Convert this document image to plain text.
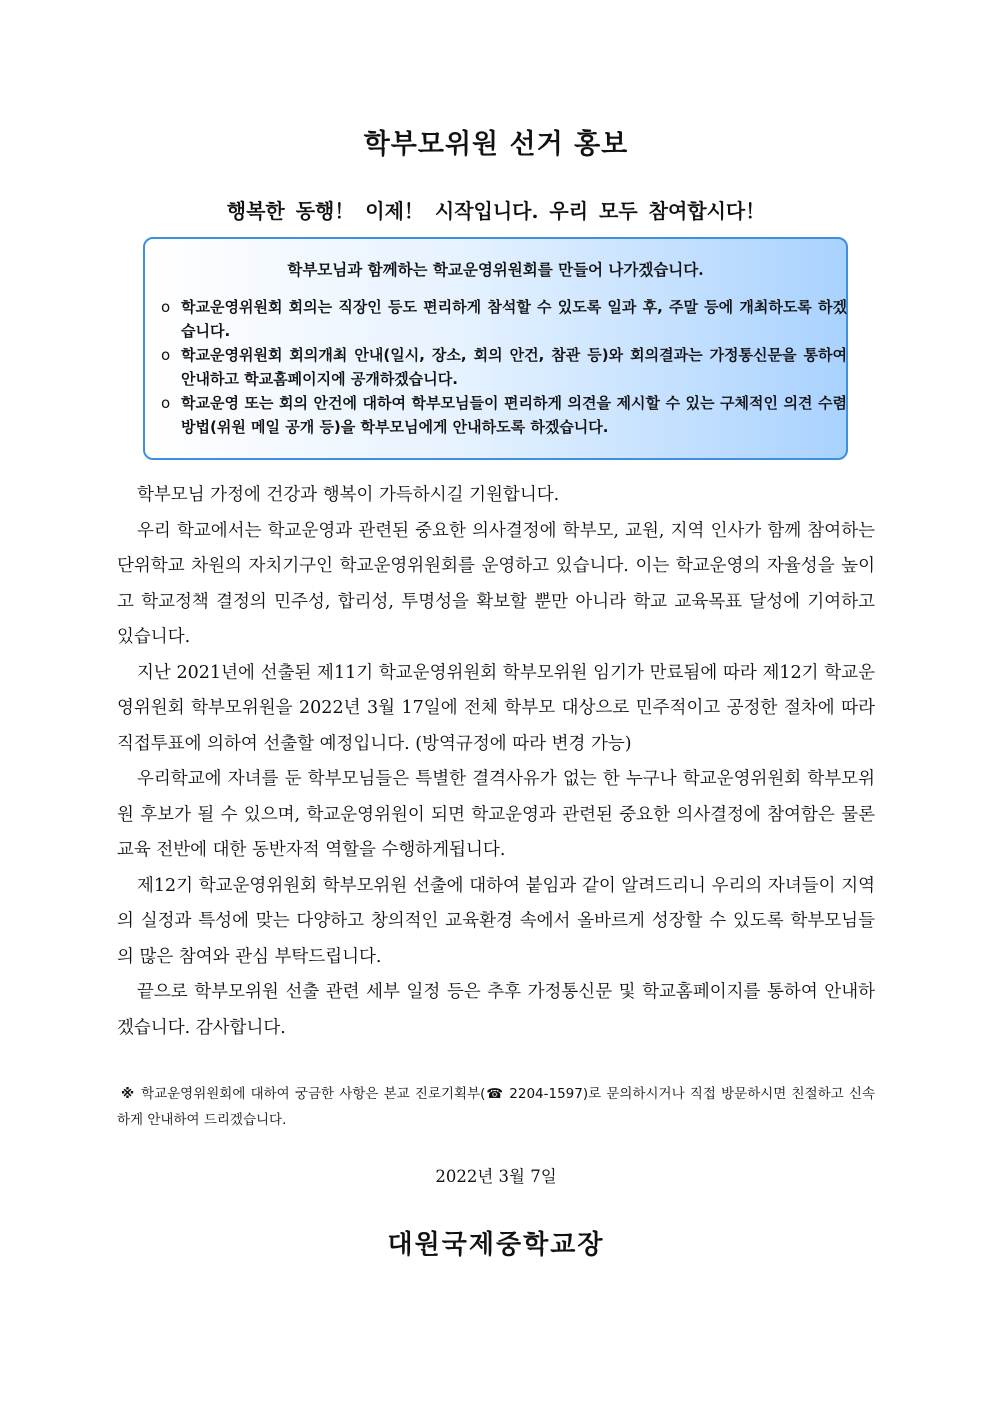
학부모위원 선거 홍보
행복한 동행！ 이제！ 시작입니다. 우리 모두 참여합시다！
학부모님과 함께하는 학교운영위원회를 만들어 나가겠습니다.
o 학교운영위원회 회의는 직장인 등도 편리하게 참석할 수 있도록 일과 후, 주말 등에 개최하도록 하겠습니다.
o 학교운영위원회 회의개최 안내(일시, 장소, 회의 안건, 참관 등)와 회의결과는 가정통신문을 통하여 안내하고 학교홈페이지에 공개하겠습니다.
o 학교운영 또는 회의 안건에 대하여 학부모님들이 편리하게 의견을 제시할 수 있는 구체적인 의견 수렴 방법(위원 메일 공개 등)을 학부모님에게 안내하도록 하겠습니다.

학부모님 가정에 건강과 행복이 가득하시길 기원합니다.

우리 학교에서는 학교운영과 관련된 중요한 의사결정에 학부모, 교원, 지역 인사가 함께 참여하는 단위학교 차원의 자치기구인 학교운영위원회를 운영하고 있습니다. 이는 학교운영의 자율성을 높이고 학교정책 결정의 민주성, 합리성, 투명성을 확보할 뿐만 아니라 학교 교육목표 달성에 기여하고 있습니다.

지난 2021년에 선출된 제11기 학교운영위원회 학부모위원 임기가 만료됨에 따라 제12기 학교운영위원회 학부모위원을 2022년 3월 17일에 전체 학부모 대상으로 민주적이고 공정한 절차에 따라 직접투표에 의하여 선출할 예정입니다. (방역규정에 따라 변경 가능)

우리학교에 자녀를 둔 학부모님들은 특별한 결격사유가 없는 한 누구나 학교운영위원회 학부모위원 후보가 될 수 있으며, 학교운영위원이 되면 학교운영과 관련된 중요한 의사결정에 참여함은 물론 교육 전반에 대한 동반자적 역할을 수행하게됩니다.

제12기 학교운영위원회 학부모위원 선출에 대하여 붙임과 같이 알려드리니 우리의 자녀들이 지역의 실정과 특성에 맞는 다양하고 창의적인 교육환경 속에서 올바르게 성장할 수 있도록 학부모님들의 많은 참여와 관심 부탁드립니다.

끝으로 학부모위원 선출 관련 세부 일정 등은 추후 가정통신문 및 학교홈페이지를 통하여 안내하겠습니다. 감사합니다.

※ 학교운영위원회에 대하여 궁금한 사항은 본교 진로기획부(☎ 2204-1597)로 문의하시거나 직접 방문하시면 친절하고 신속하게 안내하여 드리겠습니다.
2022년 3월 7일
대원국제중학교장
